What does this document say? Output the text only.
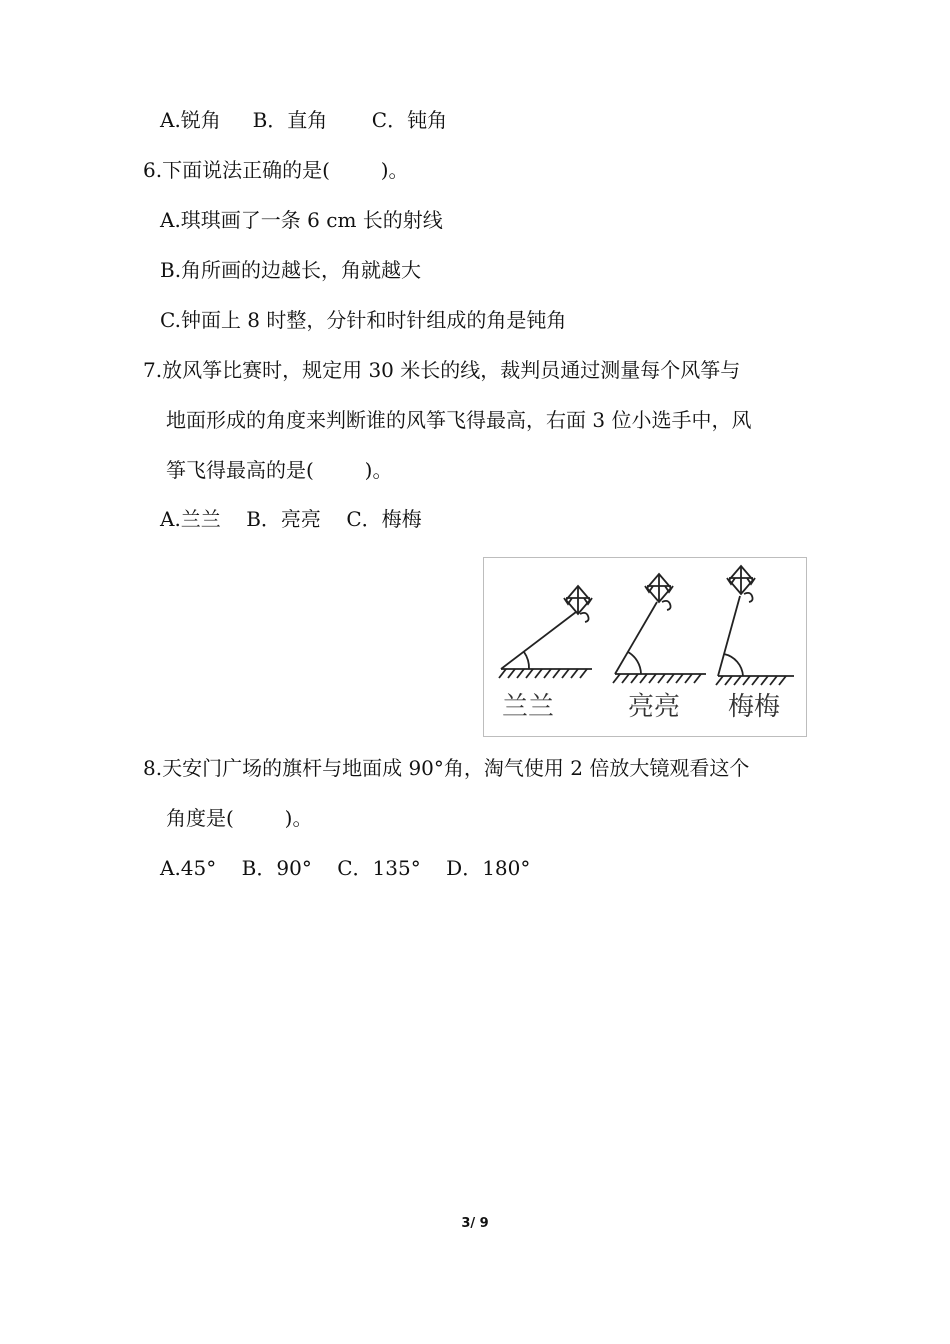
A.锐角     B．直角       C．钝角
6.下面说法正确的是(        )。
A.琪琪画了一条 6 cm 长的射线
B.角所画的边越长，角就越大
C.钟面上 8 时整，分针和时针组成的角是钝角
7.放风筝比赛时，规定用 30 米长的线，裁判员通过测量每个风筝与
地面形成的角度来判断谁的风筝飞得最高，右面 3 位小选手中，风
筝飞得最高的是(        )。
A.兰兰    B．亮亮    C．梅梅
兰兰	亮亮 梅梅
8.天安门广场的旗杆与地面成 90°角，淘气使用 2 倍放大镜观看这个
角度是(        )。
A.45°    B．90°    C．135°    D．180°
3/ 9
